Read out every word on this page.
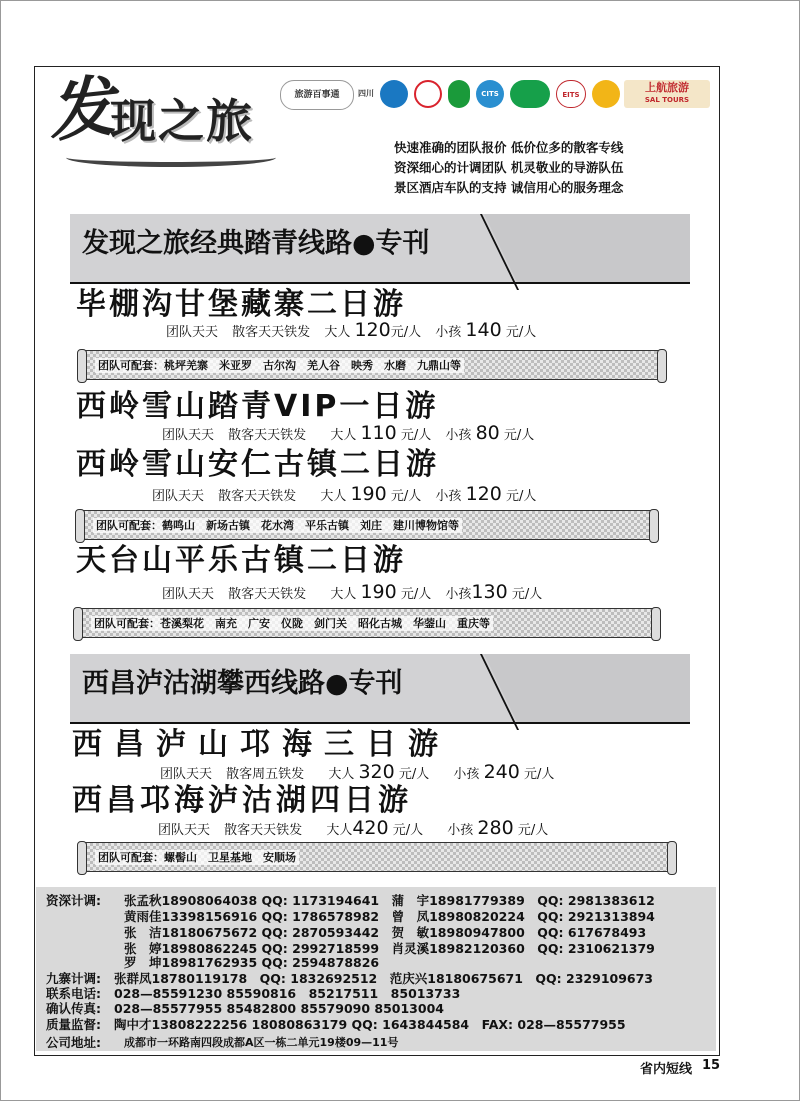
发
现之旅	旅游百事通	四川	CITS	EITS
上航旅游
SAL TOURS
快速准确的团队报价 低价位多的散客专线
资深细心的计调团队 机灵敬业的导游队伍
景区酒店车队的支持 诚信用心的服务理念
发现之旅经典踏青线路●专刊
毕棚沟甘堡藏寨二日游
团队天天 散客天天铁发 大人 120元/人 小孩 140 元/人
团队可配套：桃坪羌寨　米亚罗　古尔沟　羌人谷　映秀　水磨　九鼎山等
西岭雪山踏青VIP一日游
团队天天 散客天天铁发 大人 110 元/人 小孩 80 元/人
西岭雪山安仁古镇二日游
团队天天 散客天天铁发 大人 190 元/人 小孩 120 元/人
团队可配套：鹤鸣山　新场古镇　花水湾　平乐古镇　刘庄　建川博物馆等
天台山平乐古镇二日游
团队天天 散客天天铁发 大人 190 元/人 小孩130 元/人
团队可配套：苍溪梨花　南充　广安　仪陇　剑门关　昭化古城　华蓥山　重庆等
西昌泸沽湖攀西线路●专刊
西昌泸山邛海三日游
团队天天 散客周五铁发 大人 320 元/人 小孩 240 元/人
西昌邛海泸沽湖四日游
团队天天 散客天天铁发 大人420 元/人 小孩 280 元/人
团队可配套：螺髻山　卫星基地　安顺场
资深计调: 张孟秋18908064038 QQ: 1173194641　蒲　宇18981779389　QQ: 2981383612
黄雨佳13398156916 QQ: 1786578982　曾　凤18980820224　QQ: 2921313894
张　洁18180675672 QQ: 2870593442　贺　敏18980947800　QQ: 617678493
张　婷18980862245 QQ: 2992718599　肖灵溪18982120360　QQ: 2310621379
罗　坤18981762935 QQ: 2594878826
九寨计调: 张群凤18780119178　QQ: 1832692512　范庆兴18180675671　QQ: 2329109673
联系电话: 028—85591230 85590816　85217511　85013733
确认传真: 028—85577955 85482800 85579090 85013004
质量监督: 陶中才13808222256 18080863179 QQ: 1643844584　FAX: 028—85577955
公司地址: 成都市一环路南四段成都A区一栋二单元19楼09—11号
省内短线 15
